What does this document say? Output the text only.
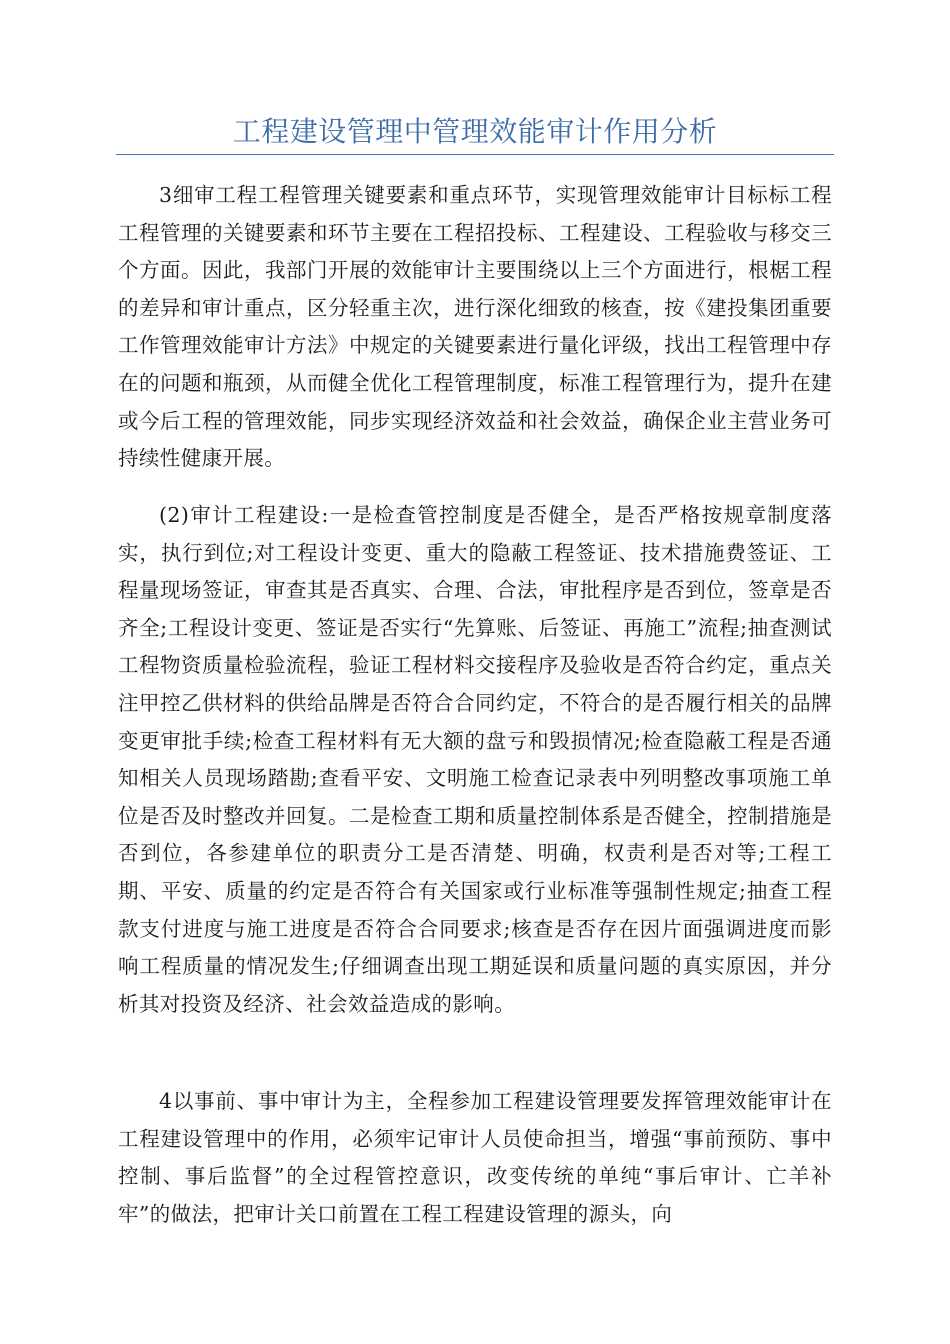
工程建设管理中管理效能审计作用分析

3细审工程工程管理关键要素和重点环节，实现管理效能审计目标标工程工程管理的关键要素和环节主要在工程招投标、工程建设、工程验收与移交三个方面。因此，我部门开展的效能审计主要围绕以上三个方面进行，根椐工程的差异和审计重点，区分轻重主次，进行深化细致的核查，按《建投集团重要工作管理效能审计方法》中规定的关键要素进行量化评级，找出工程管理中存在的问题和瓶颈，从而健全优化工程管理制度，标准工程管理行为，提升在建或今后工程的管理效能，同步实现经济效益和社会效益，确保企业主营业务可持续性健康开展。

(2)审计工程建设:一是检查管控制度是否健全，是否严格按规章制度落实，执行到位;对工程设计变更、重大的隐蔽工程签证、技术措施费签证、工程量现场签证，审查其是否真实、合理、合法，审批程序是否到位，签章是否齐全;工程设计变更、签证是否实行“先算账、后签证、再施工”流程;抽查测试工程物资质量检验流程，验证工程材料交接程序及验收是否符合约定，重点关注甲控乙供材料的供给品牌是否符合合同约定，不符合的是否履行相关的品牌变更审批手续;检查工程材料有无大额的盘亏和毁损情况;检查隐蔽工程是否通知相关人员现场踏勘;查看平安、文明施工检查记录表中列明整改事项施工单位是否及时整改并回复。二是检查工期和质量控制体系是否健全，控制措施是否到位，各参建单位的职责分工是否清楚、明确，权责利是否对等;工程工期、平安、质量的约定是否符合有关国家或行业标准等强制性规定;抽查工程款支付进度与施工进度是否符合合同要求;核查是否存在因片面强调进度而影响工程质量的情况发生;仔细调查出现工期延误和质量问题的真实原因，并分析其对投资及经济、社会效益造成的影响。

4以事前、事中审计为主，全程参加工程建设管理要发挥管理效能审计在工程建设管理中的作用，必须牢记审计人员使命担当，增强“事前预防、事中控制、事后监督”的全过程管控意识，改变传统的单纯“事后审计、亡羊补牢”的做法，把审计关口前置在工程工程建设管理的源头，向
